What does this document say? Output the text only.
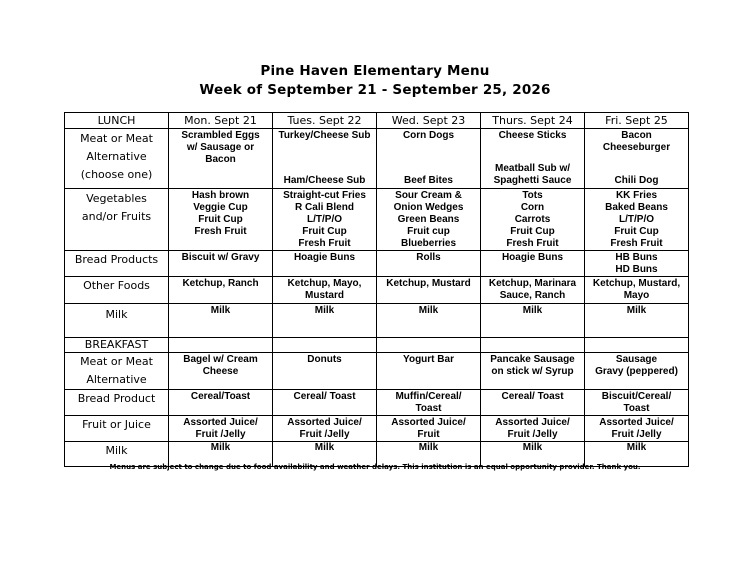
Pine Haven Elementary Menu
Week of September 21 - September 25, 2026
LUNCH	Mon. Sept 21	Tues. Sept 22	Wed. Sept 23	Thurs. Sept 24	Fri. Sept 25
Meat or Meat
Alternative
(choose one)	Scrambled Eggs
w/ Sausage or
Bacon	Turkey/Cheese Sub
Ham/Cheese Sub	Corn Dogs
Beef Bites	Cheese Sticks
Meatball Sub w/
Spaghetti Sauce	Bacon
Cheeseburger
Chili Dog

Vegetables
and/or Fruits	Hash brown
Veggie Cup
Fruit Cup
Fresh Fruit	Straight-cut Fries
R Cali Blend
L/T/P/O
Fruit Cup
Fresh Fruit	Sour Cream &
Onion Wedges
Green Beans
Fruit cup
Blueberries	Tots
Corn
Carrots
Fruit Cup
Fresh Fruit	KK Fries
Baked Beans
L/T/P/O
Fruit Cup
Fresh Fruit

Bread Products	Biscuit w/ Gravy	Hoagie Buns	Rolls	Hoagie Buns	HB Buns
HD Buns

Other Foods	Ketchup, Ranch	Ketchup, Mayo,
Mustard	Ketchup, Mustard	Ketchup, Marinara
Sauce, Ranch	Ketchup, Mustard,
Mayo

Milk	Milk	Milk	Milk	Milk	Milk
BREAKFAST					
Meat or Meat
Alternative	Bagel w/ Cream
Cheese	Donuts	Yogurt Bar	Pancake Sausage
on stick w/ Syrup	Sausage
Gravy (peppered)

Bread Product	Cereal/Toast	Cereal/ Toast	Muffin/Cereal/
Toast	Cereal/ Toast	Biscuit/Cereal/
Toast

Fruit or Juice	Assorted Juice/
Fruit /Jelly	Assorted Juice/
Fruit /Jelly	Assorted Juice/
Fruit	Assorted Juice/
Fruit /Jelly	Assorted Juice/
Fruit /Jelly

Milk	Milk	Milk	Milk	Milk	Milk
Menus are subject to change due to food availability and weather delays. This institution is an equal opportunity provider. Thank you.
